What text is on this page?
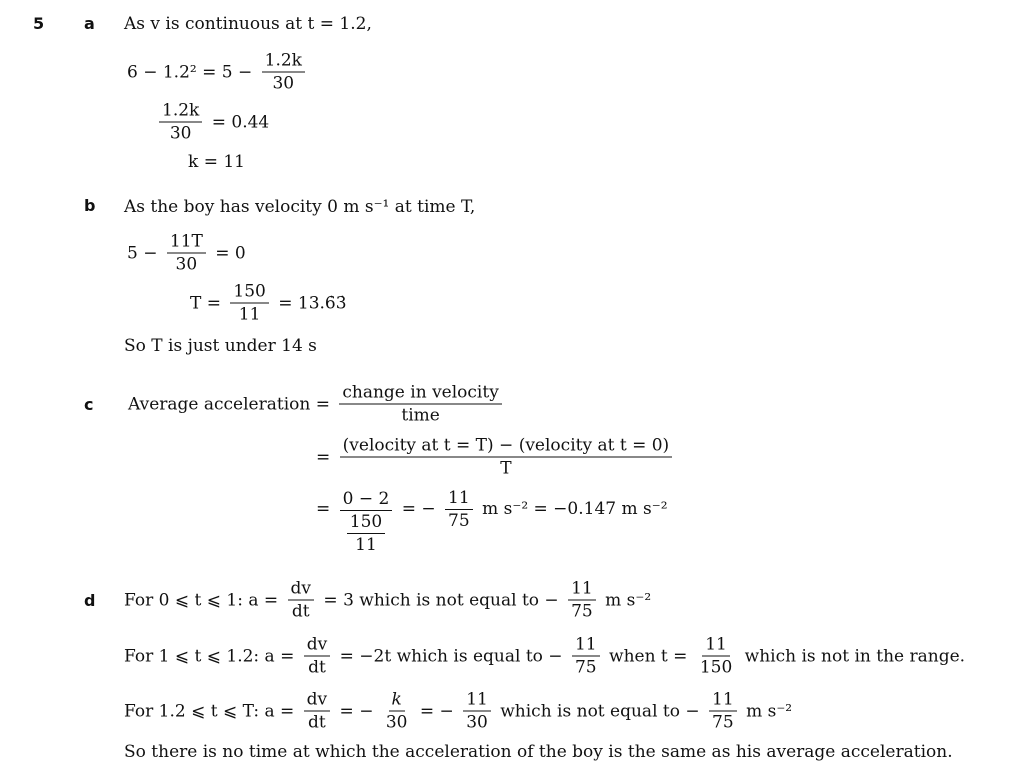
5 a As v is continuous at t = 1.2,
$6 - 1.2^2 = 5 - \frac{1.2k}{30}$
$\frac{1.2k}{30} = 0.44$
k = 11
b As the boy has velocity 0 m s⁻¹ at time T,
$5 - \frac{11T}{30} = 0$
$T = \frac{150}{11}$ = 13.6̇3̇
So T is just under 14 s
c Average acceleration = $\frac{\text{change in velocity}}{\text{time}}$
= $\frac{\text{(velocity at t = T) − (velocity at t = 0)}}{T}$
= $\frac{0 - 2}{\frac{150}{11}}$ = − $\frac{11}{75}$ m s⁻² = −0.147 m s⁻²
d For 0 ⩽ t ⩽ 1: $a = \frac{dv}{dt} = 3$ which is not equal to − $\frac{11}{75}$ m s⁻²
For 1 ⩽ t ⩽ 1.2: $a = \frac{dv}{dt} = -2t$ which is equal to − $\frac{11}{75}$ when $t = \frac{11}{150}$ which is not in the range.
For 1.2 ⩽ t ⩽ T: $a = \frac{dv}{dt}$ = − $\frac{k}{30}$ = − $\frac{11}{30}$ which is not equal to − $\frac{11}{75}$ m s⁻²
So there is no time at which the acceleration of the boy is the same as his average acceleration.
